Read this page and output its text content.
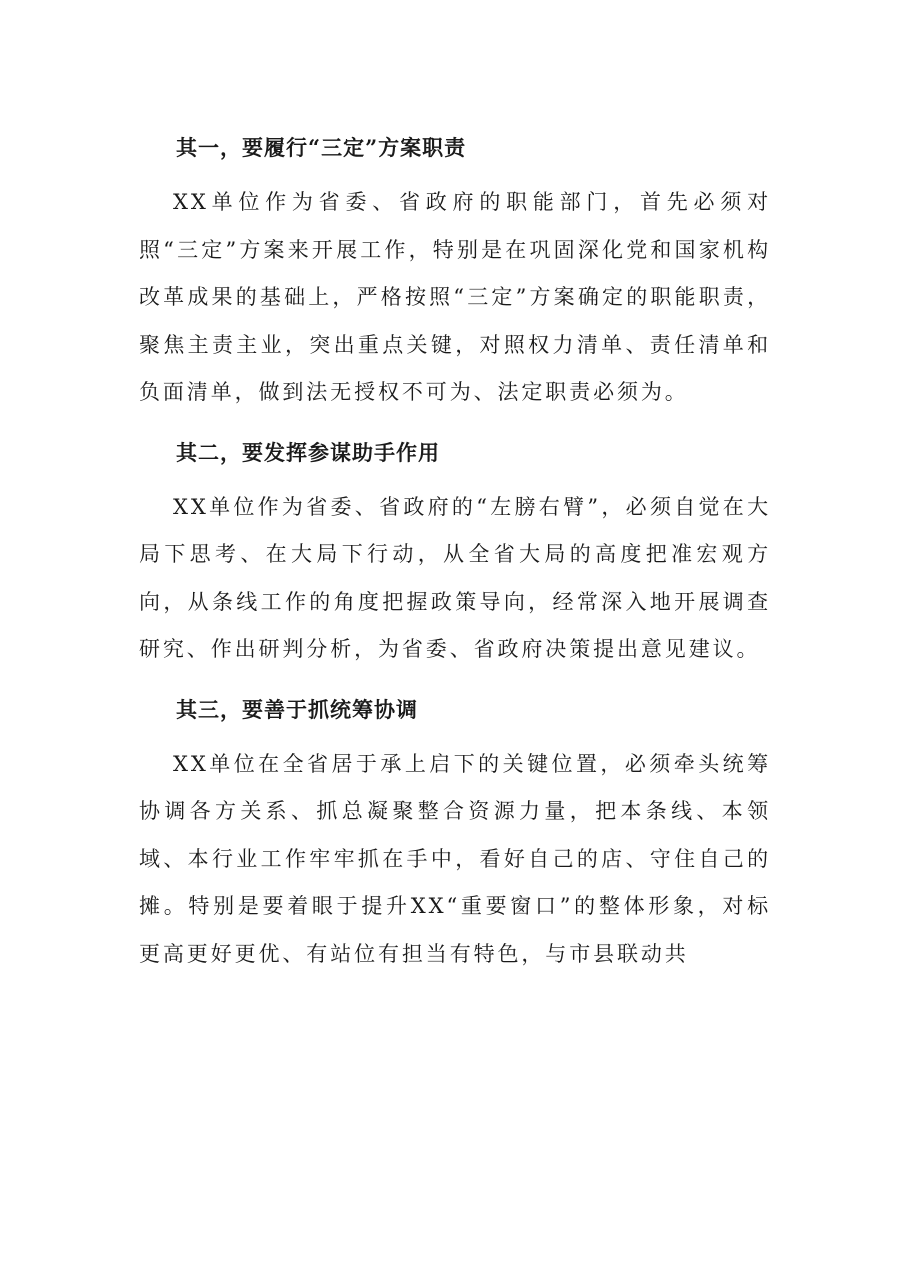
其一，要履行“三定”方案职责

XX单位作为省委、省政府的职能部门，首先必须对照“三定”方案来开展工作，特别是在巩固深化党和国家机构改革成果的基础上，严格按照“三定”方案确定的职能职责，聚焦主责主业，突出重点关键，对照权力清单、责任清单和负面清单，做到法无授权不可为、法定职责必须为。

其二，要发挥参谋助手作用

XX单位作为省委、省政府的“左膀右臂”，必须自觉在大局下思考、在大局下行动，从全省大局的高度把准宏观方向，从条线工作的角度把握政策导向，经常深入地开展调查研究、作出研判分析，为省委、省政府决策提出意见建议。

其三，要善于抓统筹协调

XX单位在全省居于承上启下的关键位置，必须牵头统筹协调各方关系、抓总凝聚整合资源力量，把本条线、本领域、本行业工作牢牢抓在手中，看好自己的店、守住自己的摊。特别是要着眼于提升XX“重要窗口”的整体形象，对标更高更好更优、有站位有担当有特色，与市县联动共
